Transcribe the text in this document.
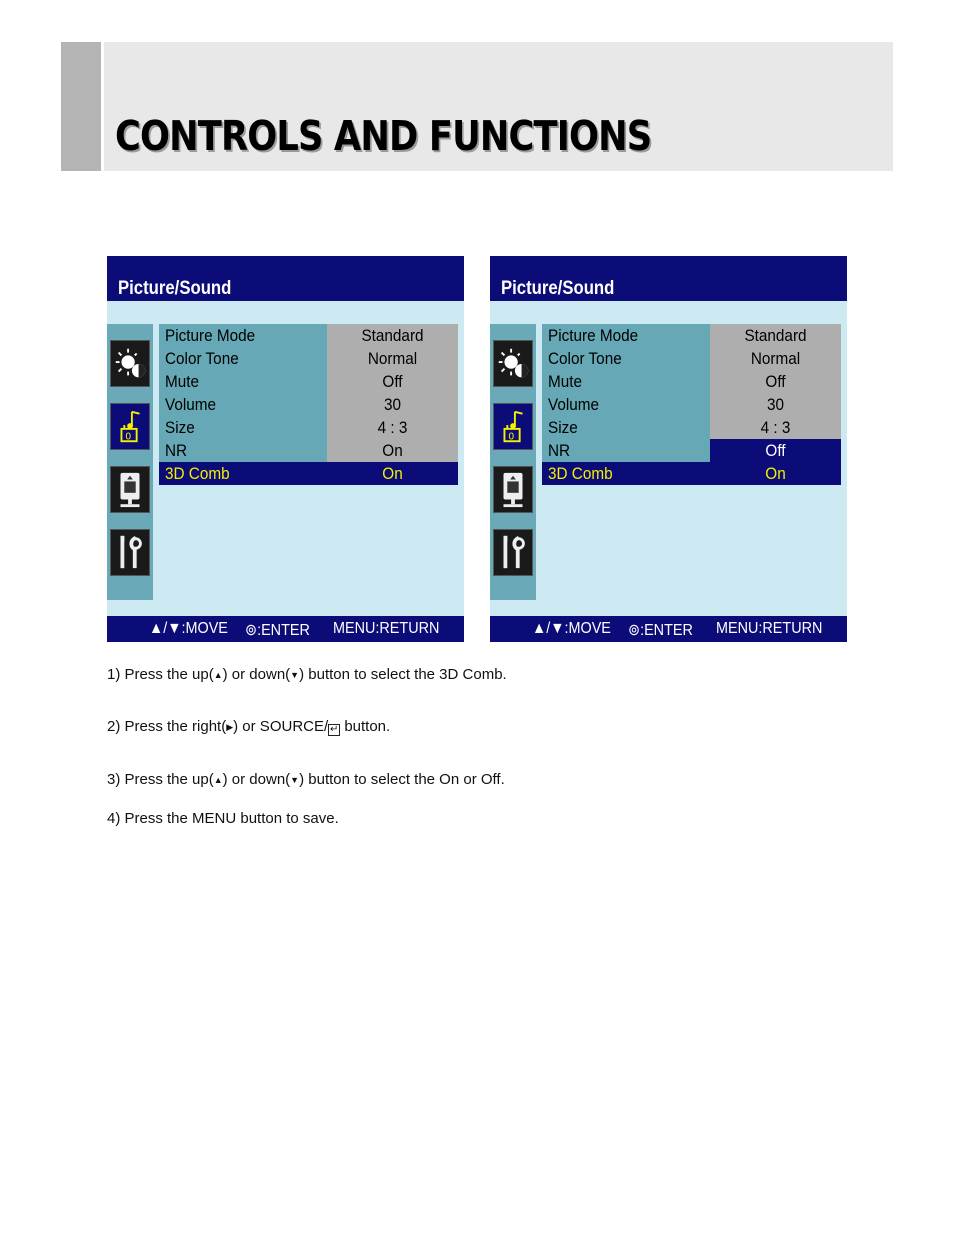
CONTROLS AND FUNCTIONS
Picture/Sound
0
Picture Mode	Standard
Color Tone	Normal
Mute	Off
Volume	30
Size	4 : 3
NR	On
3D Comb	On
▲/▼:MOVE ⊚:ENTER MENU:RETURN
Picture/Sound
0
Picture Mode	Standard
Color Tone	Normal
Mute	Off
Volume	30
Size	4 : 3
NR	Off
3D Comb	On
▲/▼:MOVE ⊚:ENTER MENU:RETURN
1) Press the up(▲) or down(▼) button to select the 3D Comb.
2) Press the right(▶) or SOURCE/ ↵ button.
3) Press the up(▲) or down(▼) button to select the On or Off.
4) Press the MENU button to save.
